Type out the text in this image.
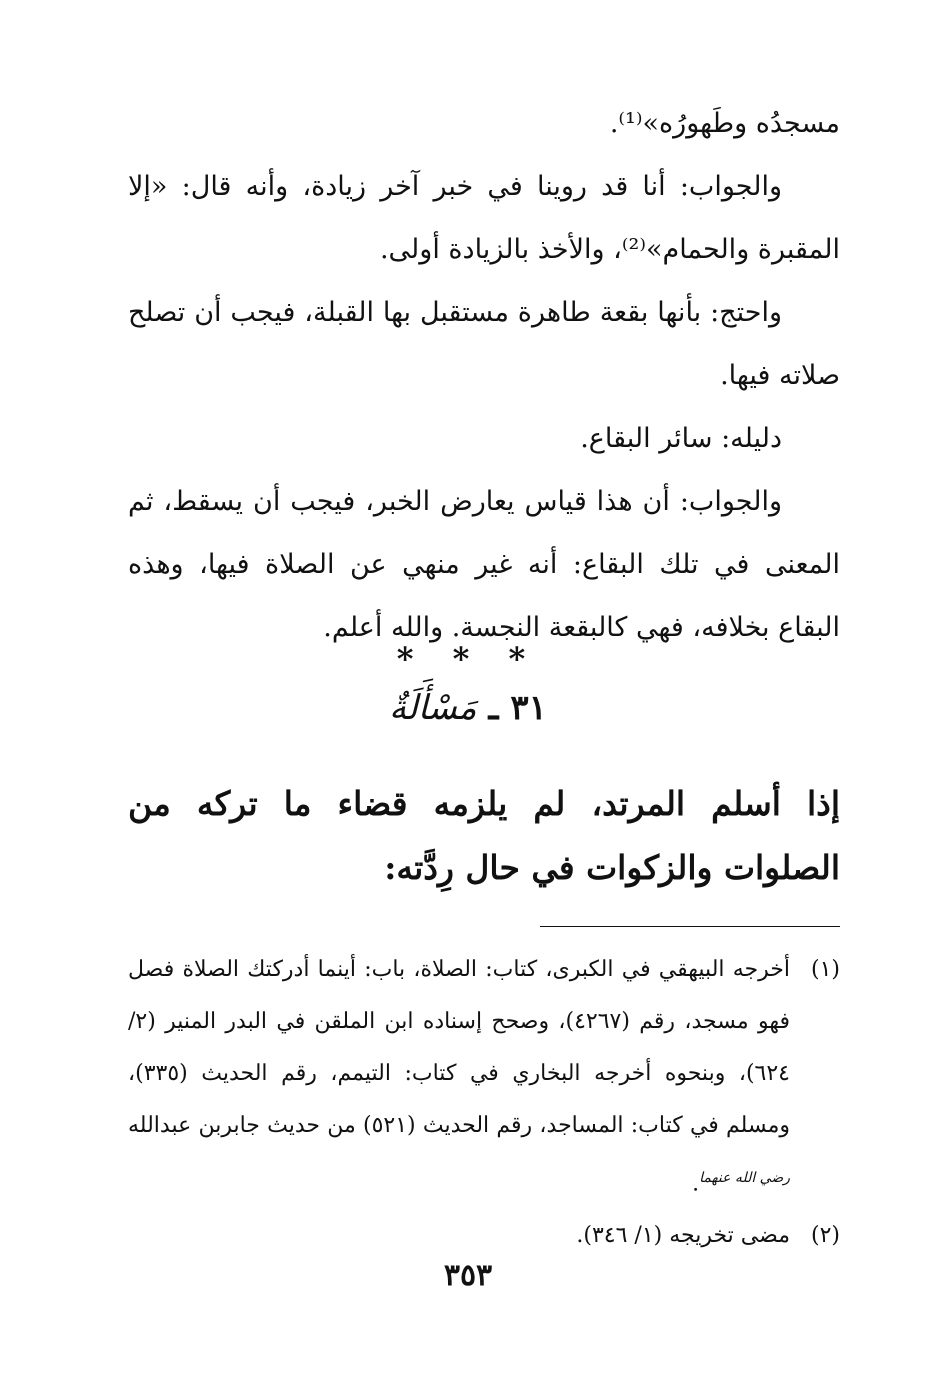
مسجدُه وطَهورُه»⁽¹⁾.

والجواب: أنا قد روينا في خبر آخر زيادة، وأنه قال: «إلا المقبرة والحمام»⁽²⁾، والأخذ بالزيادة أولى.

واحتج: بأنها بقعة طاهرة مستقبل بها القبلة، فيجب أن تصلح صلاته فيها.

دليله: سائر البقاع.

والجواب: أن هذا قياس يعارض الخبر، فيجب أن يسقط، ثم المعنى في تلك البقاع: أنه غير منهي عن الصلاة فيها، وهذه البقاع بخلافه، فهي كالبقعة النجسة. والله أعلم.

* * *
٣١ ـ مَسْأَلَةٌ
إذا أسلم المرتد، لم يلزمه قضاء ما تركه من الصلوات والزكوات في حال رِدَّته:
(١)
أخرجه البيهقي في الكبرى، كتاب: الصلاة، باب: أينما أدركتك الصلاة فصل فهو مسجد، رقم (٤٢٦٧)، وصحح إسناده ابن الملقن في البدر المنير (٢/ ٦٢٤)، وبنحوه أخرجه البخاري في كتاب: التيمم، رقم الحديث (٣٣٥)، ومسلم في كتاب: المساجد، رقم الحديث (٥٢١) من حديث جابربن عبدالله $^{رضي الله عنهما}$.
(٢)
مضى تخريجه (١/ ٣٤٦).
٣٥٣
